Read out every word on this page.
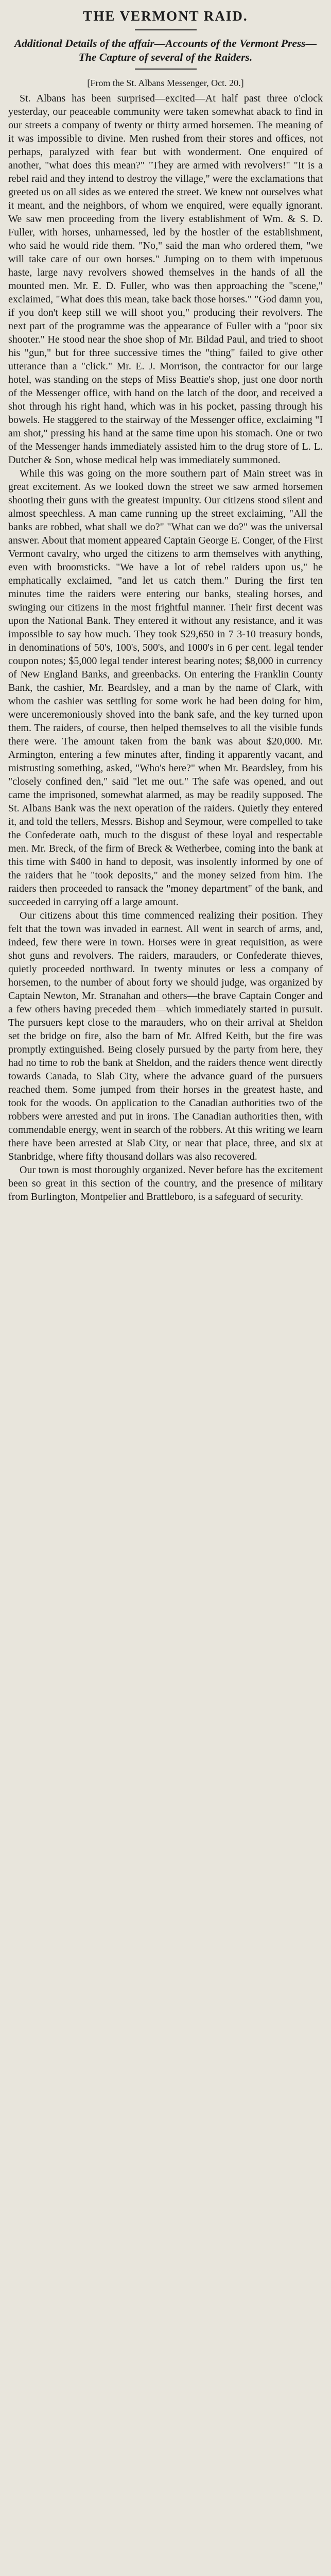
THE VERMONT RAID.
Additional Details of the affair—Accounts of the Vermont Press—The Capture of several of the Raiders.
[From the St. Albans Messenger, Oct. 20.]

St. Albans has been surprised—excited—At half past three o'clock yesterday, our peaceable community were taken somewhat aback to find in our streets a company of twenty or thirty armed horsemen. The meaning of it was impossible to divine. Men rushed from their stores and offices, not perhaps, paralyzed with fear but with wonderment. One enquired of another, "what does this mean?" "They are armed with revolvers!" "It is a rebel raid and they intend to destroy the village," were the exclamations that greeted us on all sides as we entered the street. We knew not ourselves what it meant, and the neighbors, of whom we enquired, were equally ignorant. We saw men proceeding from the livery establishment of Wm. & S. D. Fuller, with horses, unharnessed, led by the hostler of the establishment, who said he would ride them. "No," said the man who ordered them, "we will take care of our own horses." Jumping on to them with impetuous haste, large navy revolvers showed themselves in the hands of all the mounted men. Mr. E. D. Fuller, who was then approaching the "scene," exclaimed, "What does this mean, take back those horses." "God damn you, if you don't keep still we will shoot you," producing their revolvers. The next part of the programme was the appearance of Fuller with a "poor six shooter." He stood near the shoe shop of Mr. Bildad Paul, and tried to shoot his "gun," but for three successive times the "thing" failed to give other utterance than a "click." Mr. E. J. Morrison, the contractor for our large hotel, was standing on the steps of Miss Beattie's shop, just one door north of the Messenger office, with hand on the latch of the door, and received a shot through his right hand, which was in his pocket, passing through his bowels. He staggered to the stairway of the Messenger office, exclaiming "I am shot," pressing his hand at the same time upon his stomach. One or two of the Messenger hands immediately assisted him to the drug store of L. L. Dutcher & Son, whose medical help was immediately summoned.

While this was going on the more southern part of Main street was in great excitement. As we looked down the street we saw armed horsemen shooting their guns with the greatest impunity. Our citizens stood silent and almost speechless. A man came running up the street exclaiming, "All the banks are robbed, what shall we do?" "What can we do?" was the universal answer. About that moment appeared Captain George E. Conger, of the First Vermont cavalry, who urged the citizens to arm themselves with anything, even with broomsticks. "We have a lot of rebel raiders upon us," he emphatically exclaimed, "and let us catch them." During the first ten minutes time the raiders were entering our banks, stealing horses, and swinging our citizens in the most frightful manner. Their first decent was upon the National Bank. They entered it without any resistance, and it was impossible to say how much. They took $29,650 in 7 3-10 treasury bonds, in denominations of 50's, 100's, 500's, and 1000's in 6 per cent. legal tender coupon notes; $5,000 legal tender interest bearing notes; $8,000 in currency of New England Banks, and greenbacks. On entering the Franklin County Bank, the cashier, Mr. Beardsley, and a man by the name of Clark, with whom the cashier was settling for some work he had been doing for him, were unceremoniously shoved into the bank safe, and the key turned upon them. The raiders, of course, then helped themselves to all the visible funds there were. The amount taken from the bank was about $20,000. Mr. Armington, entering a few minutes after, finding it apparently vacant, and mistrusting something, asked, "Who's here?" when Mr. Beardsley, from his "closely confined den," said "let me out." The safe was opened, and out came the imprisoned, somewhat alarmed, as may be readily supposed. The St. Albans Bank was the next operation of the raiders. Quietly they entered it, and told the tellers, Messrs. Bishop and Seymour, were compelled to take the Confederate oath, much to the disgust of these loyal and respectable men. Mr. Breck, of the firm of Breck & Wetherbee, coming into the bank at this time with $400 in hand to deposit, was insolently informed by one of the raiders that he "took deposits," and the money seized from him. The raiders then proceeded to ransack the "money department" of the bank, and succeeded in carrying off a large amount.

Our citizens about this time commenced realizing their position. They felt that the town was invaded in earnest. All went in search of arms, and, indeed, few there were in town. Horses were in great requisition, as were shot guns and revolvers. The raiders, marauders, or Confederate thieves, quietly proceeded northward. In twenty minutes or less a company of horsemen, to the number of about forty we should judge, was organized by Captain Newton, Mr. Stranahan and others—the brave Captain Conger and a few others having preceded them—which immediately started in pursuit. The pursuers kept close to the marauders, who on their arrival at Sheldon set the bridge on fire, also the barn of Mr. Alfred Keith, but the fire was promptly extinguished. Being closely pursued by the party from here, they had no time to rob the bank at Sheldon, and the raiders thence went directly towards Canada, to Slab City, where the advance guard of the pursuers reached them. Some jumped from their horses in the greatest haste, and took for the woods. On application to the Canadian authorities two of the robbers were arrested and put in irons. The Canadian authorities then, with commendable energy, went in search of the robbers. At this writing we learn there have been arrested at Slab City, or near that place, three, and six at Stanbridge, where fifty thousand dollars was also recovered.

Our town is most thoroughly organized. Never before has the excitement been so great in this section of the country, and the presence of military from Burlington, Montpelier and Brattleboro, is a safeguard of security.
